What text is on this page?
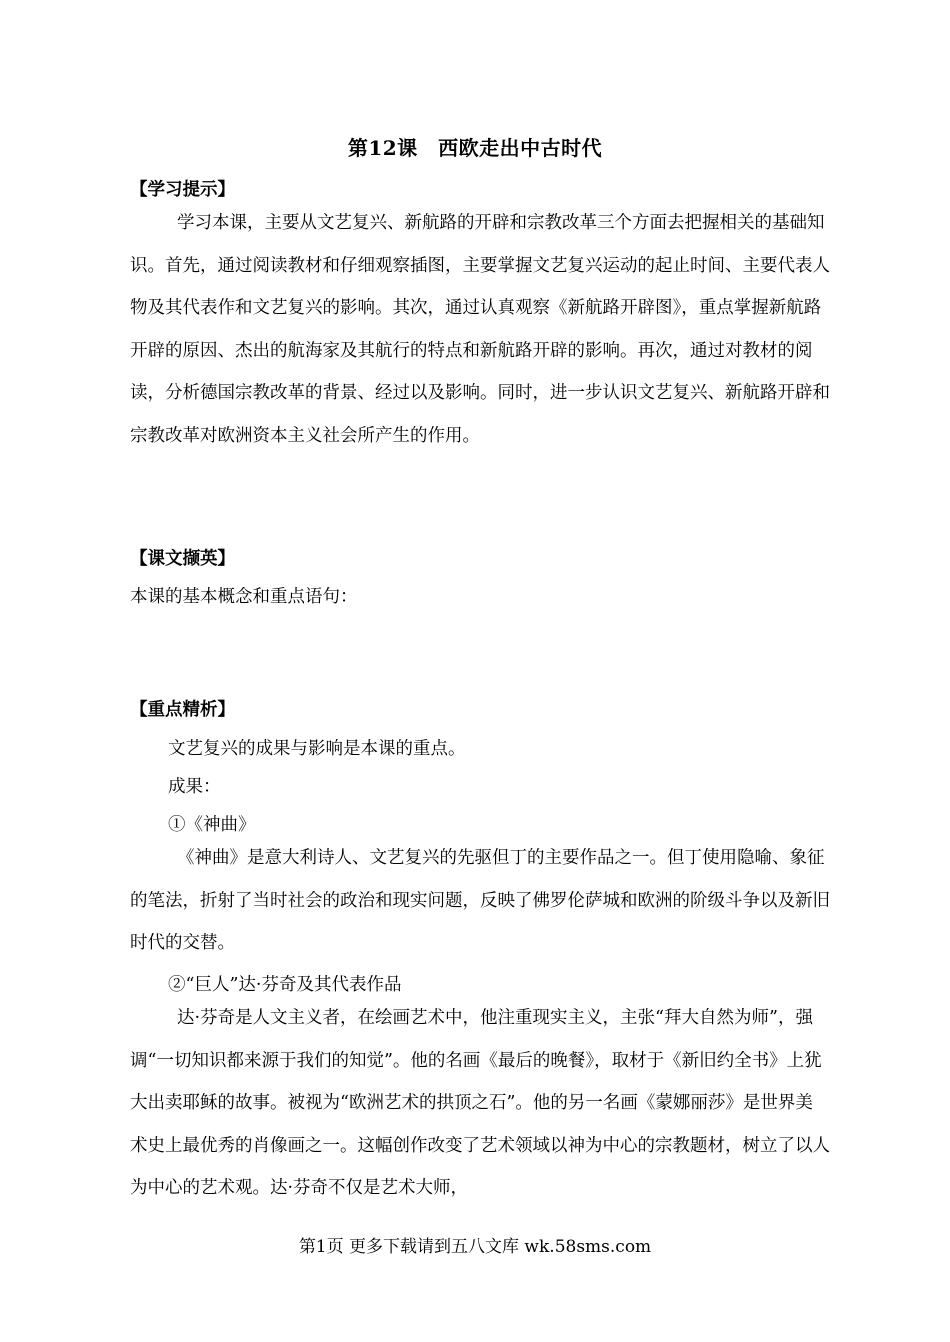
第12课　西欧走出中古时代
【学习提示】

学习本课，主要从文艺复兴、新航路的开辟和宗教改革三个方面去把握相关的基础知识。首先，通过阅读教材和仔细观察插图，主要掌握文艺复兴运动的起止时间、主要代表人物及其代表作和文艺复兴的影响。其次，通过认真观察《新航路开辟图》，重点掌握新航路开辟的原因、杰出的航海家及其航行的特点和新航路开辟的影响。再次，通过对教材的阅读，分析德国宗教改革的背景、经过以及影响。同时，进一步认识文艺复兴、新航路开辟和宗教改革对欧洲资本主义社会所产生的作用。

【课文撷英】
本课的基本概念和重点语句：
【重点精析】
文艺复兴的成果与影响是本课的重点。
成果：
①《神曲》

《神曲》是意大利诗人、文艺复兴的先驱但丁的主要作品之一。但丁使用隐喻、象征的笔法，折射了当时社会的政治和现实问题，反映了佛罗伦萨城和欧洲的阶级斗争以及新旧时代的交替。

②“巨人”达·芬奇及其代表作品

达·芬奇是人文主义者，在绘画艺术中，他注重现实主义，主张“拜大自然为师”，强调“一切知识都来源于我们的知觉”。他的名画《最后的晚餐》，取材于《新旧约全书》上犹大出卖耶稣的故事。被视为“欧洲艺术的拱顶之石”。他的另一名画《蒙娜丽莎》是世界美术史上最优秀的肖像画之一。这幅创作改变了艺术领域以神为中心的宗教题材，树立了以人为中心的艺术观。达·芬奇不仅是艺术大师，

第1页 更多下载请到五八文库 wk.58sms.com
